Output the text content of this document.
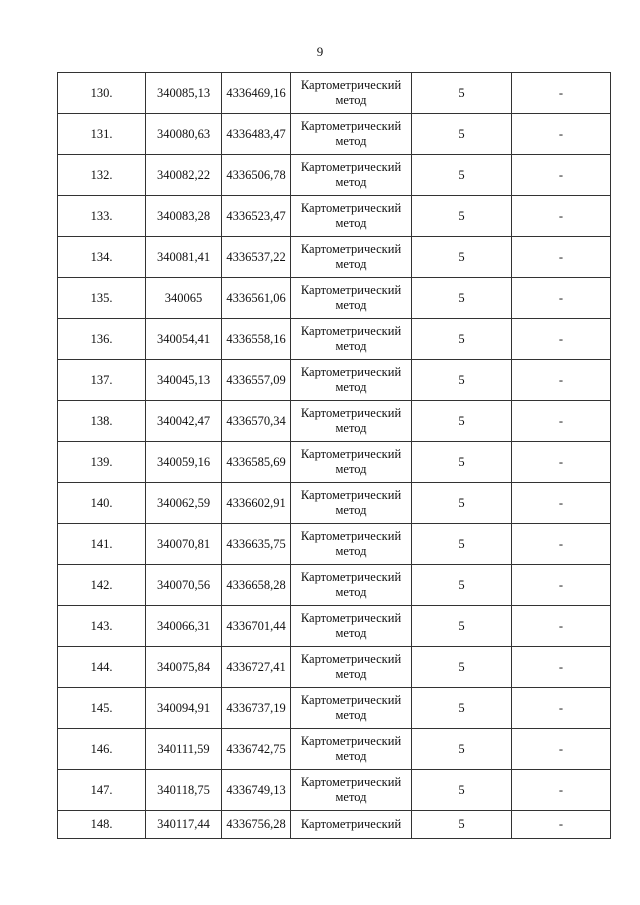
9
130.	340085,13	4336469,16	Картометрический метод	5	-
131.	340080,63	4336483,47	Картометрический метод	5	-
132.	340082,22	4336506,78	Картометрический метод	5	-
133.	340083,28	4336523,47	Картометрический метод	5	-
134.	340081,41	4336537,22	Картометрический метод	5	-
135.	340065	4336561,06	Картометрический метод	5	-
136.	340054,41	4336558,16	Картометрический метод	5	-
137.	340045,13	4336557,09	Картометрический метод	5	-
138.	340042,47	4336570,34	Картометрический метод	5	-
139.	340059,16	4336585,69	Картометрический метод	5	-
140.	340062,59	4336602,91	Картометрический метод	5	-
141.	340070,81	4336635,75	Картометрический метод	5	-
142.	340070,56	4336658,28	Картометрический метод	5	-
143.	340066,31	4336701,44	Картометрический метод	5	-
144.	340075,84	4336727,41	Картометрический метод	5	-
145.	340094,91	4336737,19	Картометрический метод	5	-
146.	340111,59	4336742,75	Картометрический метод	5	-
147.	340118,75	4336749,13	Картометрический метод	5	-
148.	340117,44	4336756,28	Картометрический	5	-
